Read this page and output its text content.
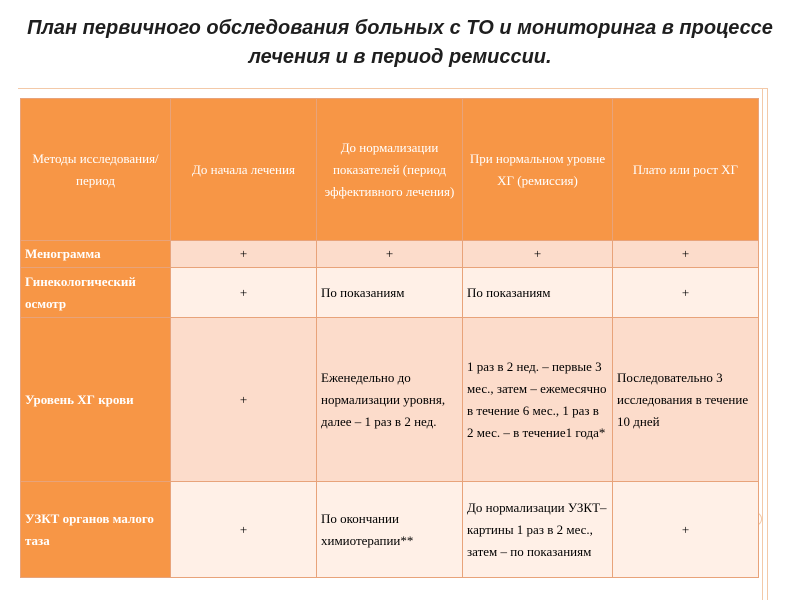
План первичного обследования больных с ТО и мониторинга в процессе лечения и в период ремиссии.
Методы исследования/период	До начала лечения	До нормализации показателей (период эффективного лечения)	При нормальном уровне ХГ (ремиссия)	Плато или рост ХГ
Менограмма	+	+	+	+
Гинекологический осмотр	+	По показаниям	По показаниям	+
Уровень ХГ крови	+	Еженедельно до нормализации уровня, далее – 1 раз в 2 нед.	1 раз в 2 нед. – первые 3 мес., затем – ежемесячно в течение 6 мес., 1 раз в 2 мес. – в течение1 года*	Последовательно 3 исследования в течение 10 дней
УЗКТ органов малого таза	+	По окончании химиотерапии**	До нормализации УЗКТ–картины 1 раз в 2 мес., затем – по показаниям	+
